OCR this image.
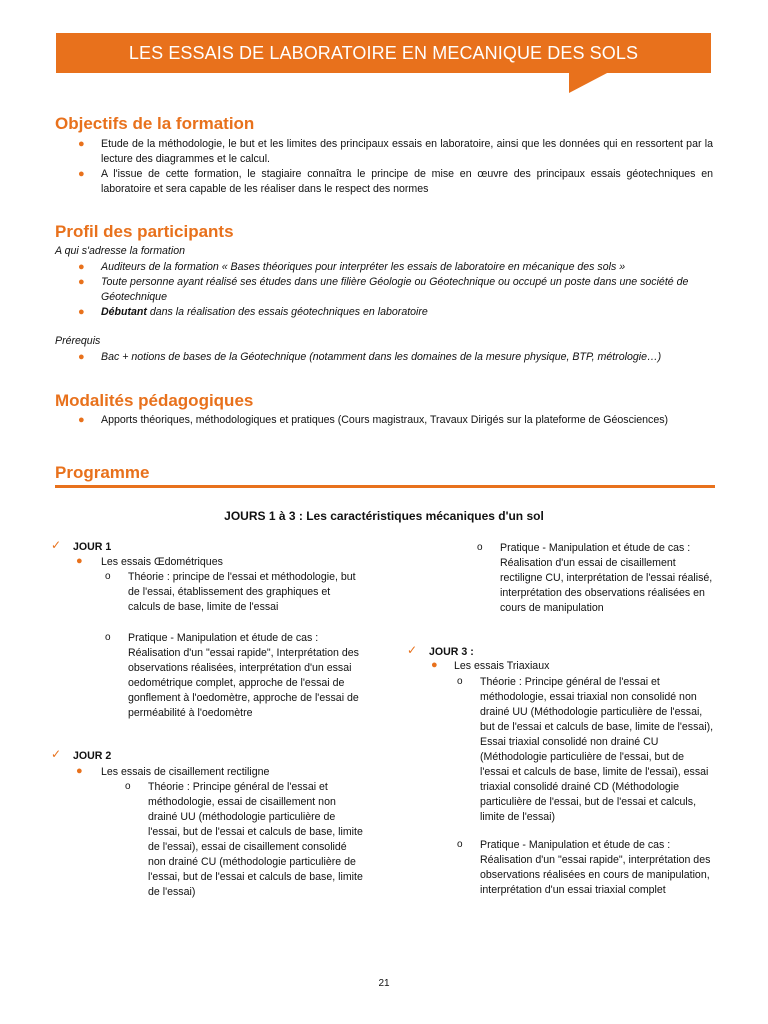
LES ESSAIS DE LABORATOIRE EN MECANIQUE DES SOLS
Objectifs de la formation
● Etude de la méthodologie, le but et les limites des principaux essais en laboratoire, ainsi que les données qui en ressortent par la lecture des diagrammes et le calcul.
● A l'issue de cette formation, le stagiaire connaîtra le principe de mise en œuvre des principaux essais géotechniques en laboratoire et sera capable de les réaliser dans le respect des normes
Profil des participants
A qui s'adresse la formation
● Auditeurs de la formation « Bases théoriques pour interpréter les essais de laboratoire en mécanique des sols »
● Toute personne ayant réalisé ses études dans une filière Géologie ou Géotechnique ou occupé un poste dans une société de Géotechnique
● Débutant dans la réalisation des essais géotechniques en laboratoire
Prérequis
● Bac + notions de bases de la Géotechnique (notamment dans les domaines de la mesure physique, BTP, métrologie…)
Modalités pédagogiques
● Apports théoriques, méthodologiques et pratiques (Cours magistraux, Travaux Dirigés sur la plateforme de Géosciences)
Programme
JOURS 1 à 3 : Les caractéristiques mécaniques d'un sol
✓ JOUR 1
● Les essais Œdométriques
o Théorie : principe de l'essai et méthodologie, but de l'essai, établissement des graphiques et calculs de base, limite de l'essai
o Pratique - Manipulation et étude de cas : Réalisation d'un "essai rapide", Interprétation des observations réalisées, interprétation d'un essai oedométrique complet, approche de l'essai de gonflement à l'oedomètre, approche de l'essai de perméabilité à l'oedomètre
✓ JOUR 2
● Les essais de cisaillement rectiligne
o Théorie : Principe général de l'essai et méthodologie, essai de cisaillement non drainé UU (méthodologie particulière de l'essai, but de l'essai et calculs de base, limite de l'essai), essai de cisaillement consolidé non drainé CU (méthodologie particulière de l'essai, but de l'essai et calculs de base, limite de l'essai)
o Pratique - Manipulation et étude de cas : Réalisation d'un essai de cisaillement rectiligne CU, interprétation de l'essai réalisé, interprétation des observations réalisées en cours de manipulation
✓ JOUR 3 :
● Les essais Triaxiaux
o Théorie : Principe général de l'essai et méthodologie, essai triaxial non consolidé non drainé UU (Méthodologie particulière de l'essai, but de l'essai et calculs de base, limite de l'essai), Essai triaxial consolidé non drainé CU (Méthodologie particulière de l'essai, but de l'essai et calculs de base, limite de l'essai), essai triaxial consolidé drainé CD (Méthodologie particulière de l'essai, but de l'essai et calculs, limite de l'essai)
o Pratique - Manipulation et étude de cas : Réalisation d'un "essai rapide", interprétation des observations réalisées en cours de manipulation, interprétation d'un essai triaxial complet
21
